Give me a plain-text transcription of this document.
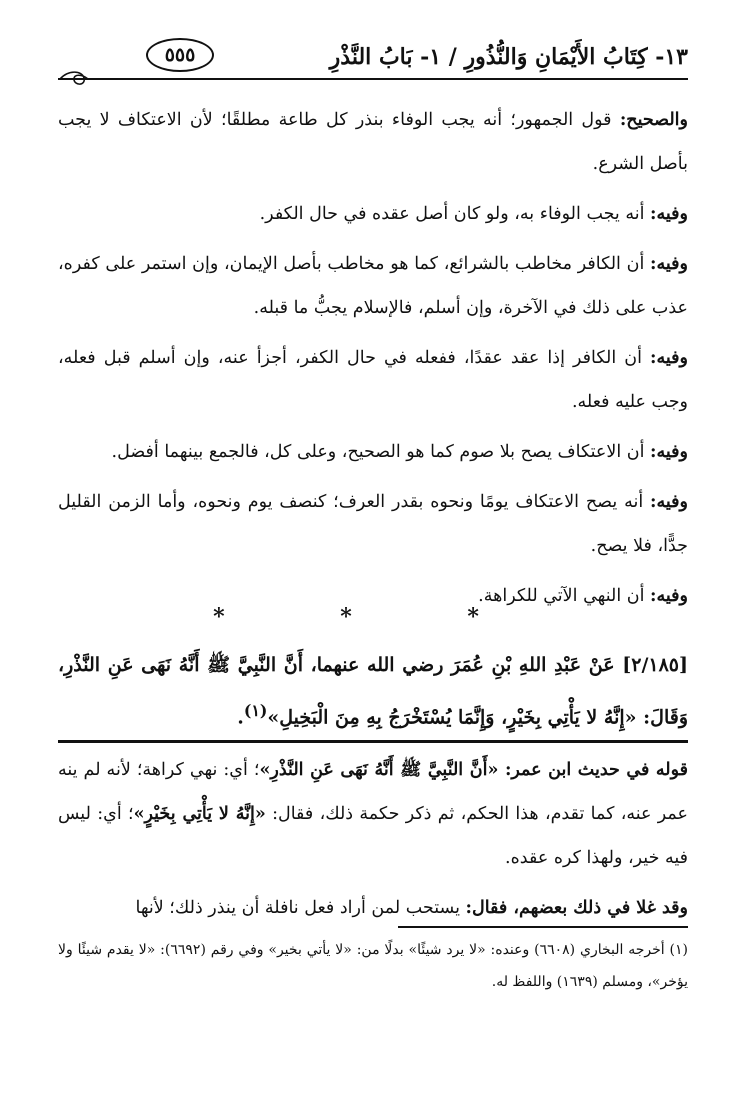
١٣- كِتَابُ الأَيْمَانِ وَالنُّذُورِ / ١- بَابُ النَّذْرِ
٥٥٥

والصحيح: قول الجمهور؛ أنه يجب الوفاء بنذر كل طاعة مطلقًا؛ لأن الاعتكاف لا يجب بأصل الشرع.

وفيه: أنه يجب الوفاء به، ولو كان أصل عقده في حال الكفر.

وفيه: أن الكافر مخاطب بالشرائع، كما هو مخاطب بأصل الإيمان، وإن استمر على كفره، عذب على ذلك في الآخرة، وإن أسلم، فالإسلام يجبُّ ما قبله.

وفيه: أن الكافر إذا عقد عقدًا، ففعله في حال الكفر، أجزأ عنه، وإن أسلم قبل فعله، وجب عليه فعله.

وفيه: أن الاعتكاف يصح بلا صوم كما هو الصحيح، وعلى كل، فالجمع بينهما أفضل.

وفيه: أنه يصح الاعتكاف يومًا ونحوه بقدر العرف؛ كنصف يوم ونحوه، وأما الزمن القليل جدًّا، فلا يصح.

وفيه: أن النهي الآتي للكراهة.

* * *
[٢/١٨٥] عَنْ عَبْدِ اللهِ بْنِ عُمَرَ رضي الله عنهما، أَنَّ النَّبِيَّ ﷺ أَنَّهُ نَهَى عَنِ النَّذْرِ، وَقَالَ: «إِنَّهُ لا يَأْتِي بِخَيْرٍ، وَإِنَّمَا يُسْتَخْرَجُ بِهِ مِنَ الْبَخِيلِ»$^{(١)}$.

قوله في حديث ابن عمر: «أَنَّ النَّبِيَّ ﷺ أَنَّهُ نَهَى عَنِ النَّذْرِ»؛ أي: نهي كراهة؛ لأنه لم ينه عمر عنه، كما تقدم، هذا الحكم، ثم ذكر حكمة ذلك، فقال: «إِنَّهُ لا يَأْتِي بِخَيْرٍ»؛ أي: ليس فيه خير، ولهذا كره عقده.

وقد غلا في ذلك بعضهم، فقال: يستحب لمن أراد فعل نافلة أن ينذر ذلك؛ لأنها

(١) أخرجه البخاري (٦٦٠٨) وعنده: «لا يرد شيئًا» بدلًا من: «لا يأتي بخير» وفي رقم (٦٦٩٢): «لا يقدم شيئًا ولا يؤخر»، ومسلم (١٦٣٩) واللفظ له.
